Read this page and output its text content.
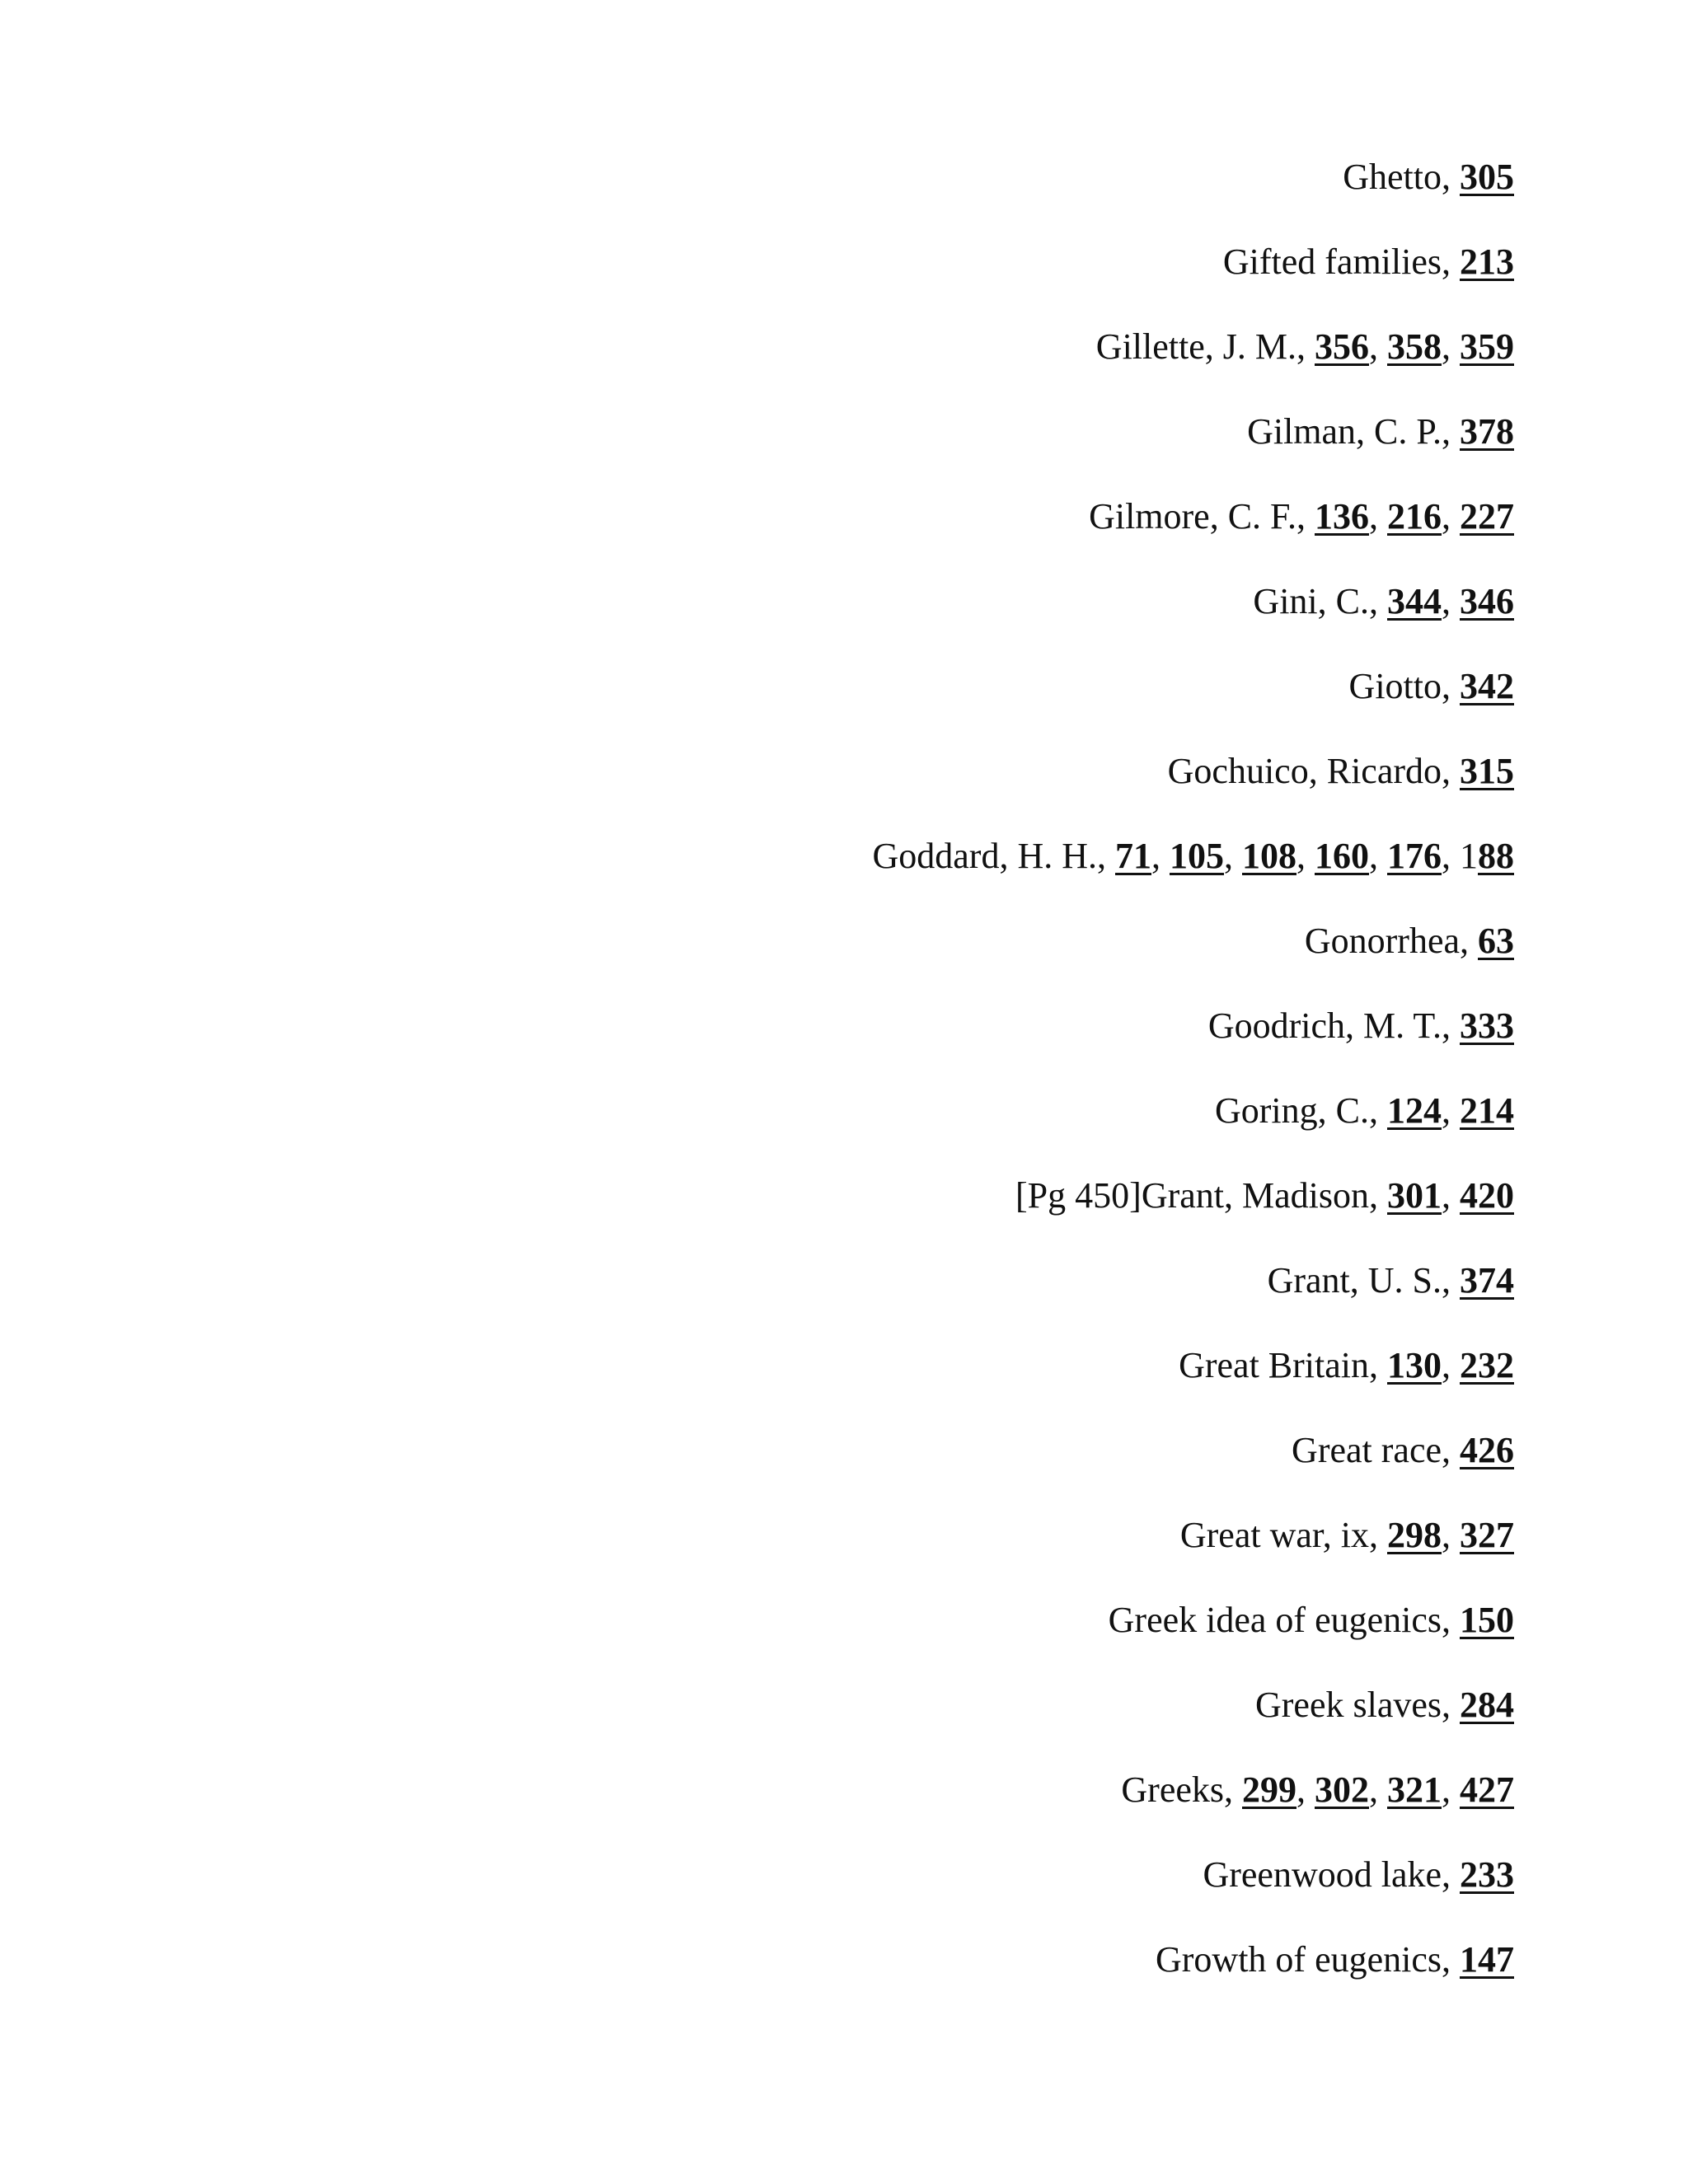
Ghetto, 305
Gifted families, 213
Gillette, J. M., 356, 358, 359
Gilman, C. P., 378
Gilmore, C. F., 136, 216, 227
Gini, C., 344, 346
Giotto, 342
Gochuico, Ricardo, 315
Goddard, H. H., 71, 105, 108, 160, 176, 188
Gonorrhea, 63
Goodrich, M. T., 333
Goring, C., 124, 214
[Pg 450]Grant, Madison, 301, 420
Grant, U. S., 374
Great Britain, 130, 232
Great race, 426
Great war, ix, 298, 327
Greek idea of eugenics, 150
Greek slaves, 284
Greeks, 299, 302, 321, 427
Greenwood lake, 233
Growth of eugenics, 147
